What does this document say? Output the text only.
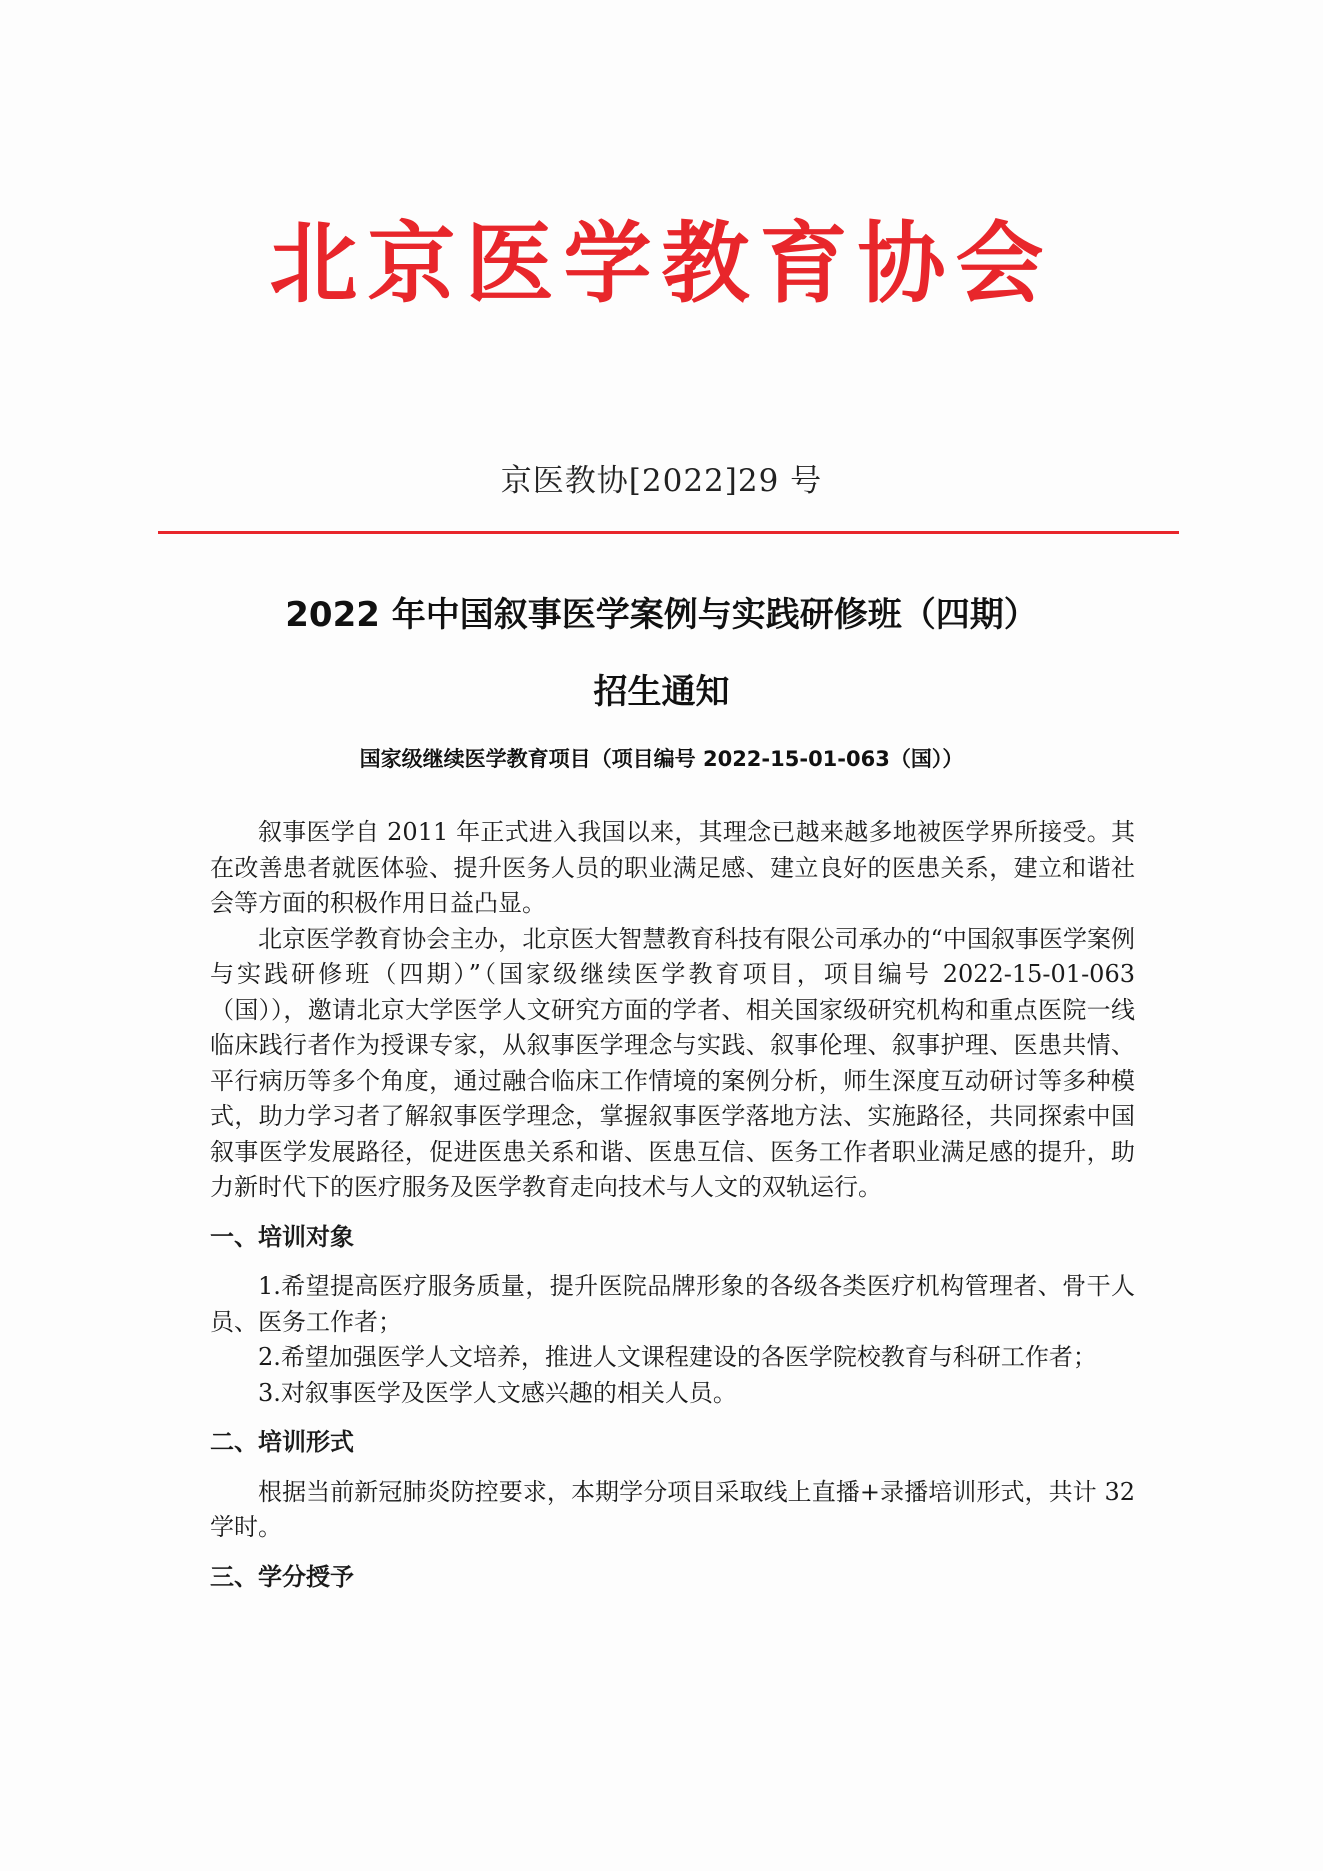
北京医学教育协会
京医教协[2022]29 号
2022 年中国叙事医学案例与实践研修班（四期）
招生通知
国家级继续医学教育项目（项目编号 2022-15-01-063（国））

叙事医学自 2011 年正式进入我国以来，其理念已越来越多地被医学界所接受。其在改善患者就医体验、提升医务人员的职业满足感、建立良好的医患关系，建立和谐社会等方面的积极作用日益凸显。

北京医学教育协会主办，北京医大智慧教育科技有限公司承办的“中国叙事医学案例与实践研修班（四期）”（国家级继续医学教育项目，项目编号 2022-15-01-063（国）），邀请北京大学医学人文研究方面的学者、相关国家级研究机构和重点医院一线临床践行者作为授课专家，从叙事医学理念与实践、叙事伦理、叙事护理、医患共情、平行病历等多个角度，通过融合临床工作情境的案例分析，师生深度互动研讨等多种模式，助力学习者了解叙事医学理念，掌握叙事医学落地方法、实施路径，共同探索中国叙事医学发展路径，促进医患关系和谐、医患互信、医务工作者职业满足感的提升，助力新时代下的医疗服务及医学教育走向技术与人文的双轨运行。

一、培训对象

1.希望提高医疗服务质量，提升医院品牌形象的各级各类医疗机构管理者、骨干人员、医务工作者；

2.希望加强医学人文培养，推进人文课程建设的各医学院校教育与科研工作者；

3.对叙事医学及医学人文感兴趣的相关人员。

二、培训形式

根据当前新冠肺炎防控要求，本期学分项目采取线上直播+录播培训形式，共计 32 学时。

三、学分授予
